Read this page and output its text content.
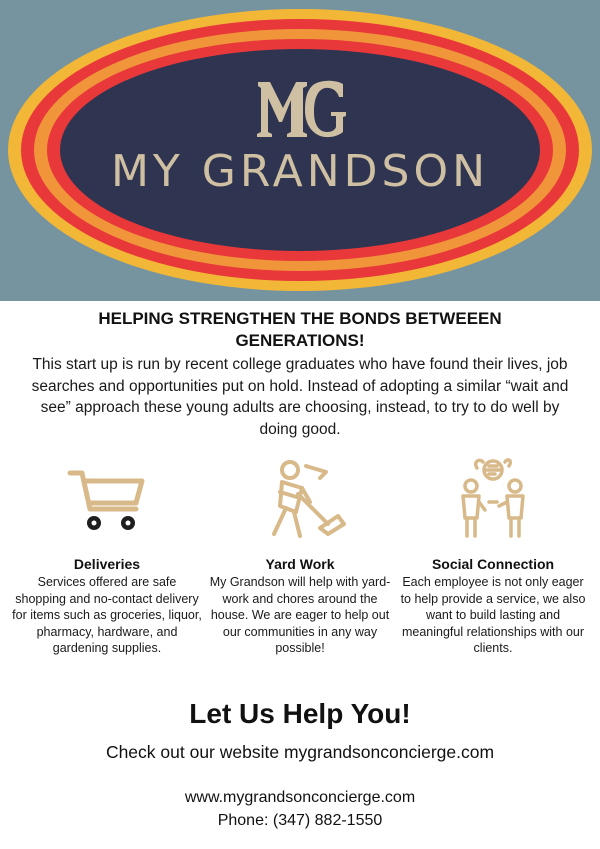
MY GRANDSON
HELPING STRENGTHEN THE BONDS BETWEEEN GENERATIONS!
This start up is run by recent college graduates who have found their lives, job searches and opportunities put on hold. Instead of adopting a similar “wait and see” approach these young adults are choosing, instead, to try to do well by doing good.
Deliveries

Services offered are safe shopping and no-contact delivery for items such as groceries, liquor, pharmacy, hardware, and gardening supplies.

Yard Work

My Grandson will help with yard-work and chores around the house. We are eager to help out our communities in any way possible!

Social Connection

Each employee is not only eager to help provide a service, we also want to build lasting and meaningful relationships with our clients.

Let Us Help You!
Check out our website mygrandsonconcierge.com
www.mygrandsonconcierge.com
Phone: (347) 882-1550
